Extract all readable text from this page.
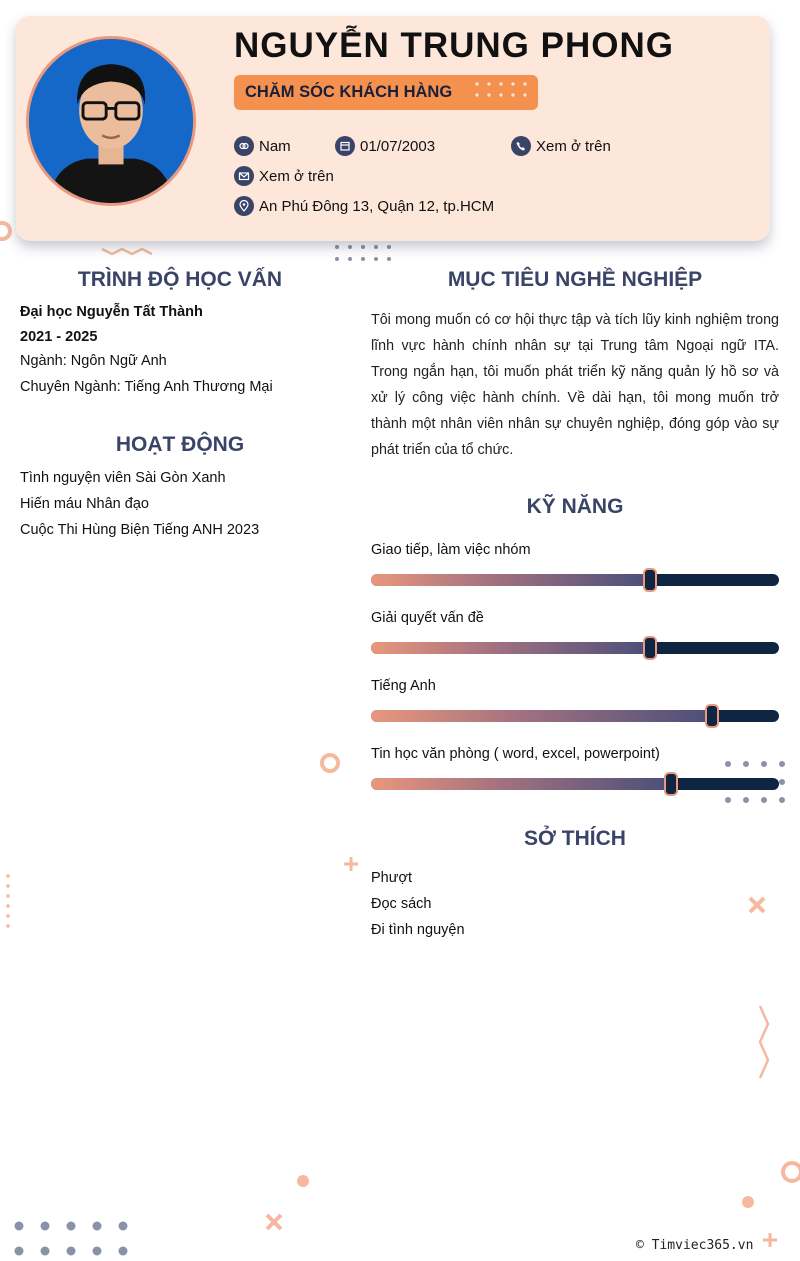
NGUYỄN TRUNG PHONG
CHĂM SÓC KHÁCH HÀNG
Nam	01/07/2003	Xem ở trên
Xem ở trên
An Phú Đông 13, Quận 12, tp.HCM
TRÌNH ĐỘ HỌC VẤN
Đại học Nguyễn Tất Thành
2021 - 2025
Ngành: Ngôn Ngữ Anh
Chuyên Ngành: Tiếng Anh Thương Mại
HOẠT ĐỘNG
Tình nguyện viên Sài Gòn Xanh
Hiến máu Nhân đạo
Cuộc Thi Hùng Biện Tiếng ANH 2023
MỤC TIÊU NGHỀ NGHIỆP

Tôi mong muốn có cơ hội thực tập và tích lũy kinh nghiệm trong lĩnh vực hành chính nhân sự tại Trung tâm Ngoại ngữ ITA. Trong ngắn hạn, tôi muốn phát triển kỹ năng quản lý hồ sơ và xử lý công việc hành chính. Về dài hạn, tôi mong muốn trở thành một nhân viên nhân sự chuyên nghiệp, đóng góp vào sự phát triển của tổ chức.

KỸ NĂNG
Giao tiếp, làm việc nhóm
Giải quyết vấn đề
Tiếng Anh
Tin học văn phòng ( word, excel, powerpoint)
SỞ THÍCH
Phượt
Đọc sách
Đi tình nguyện
© Timviec365.vn
